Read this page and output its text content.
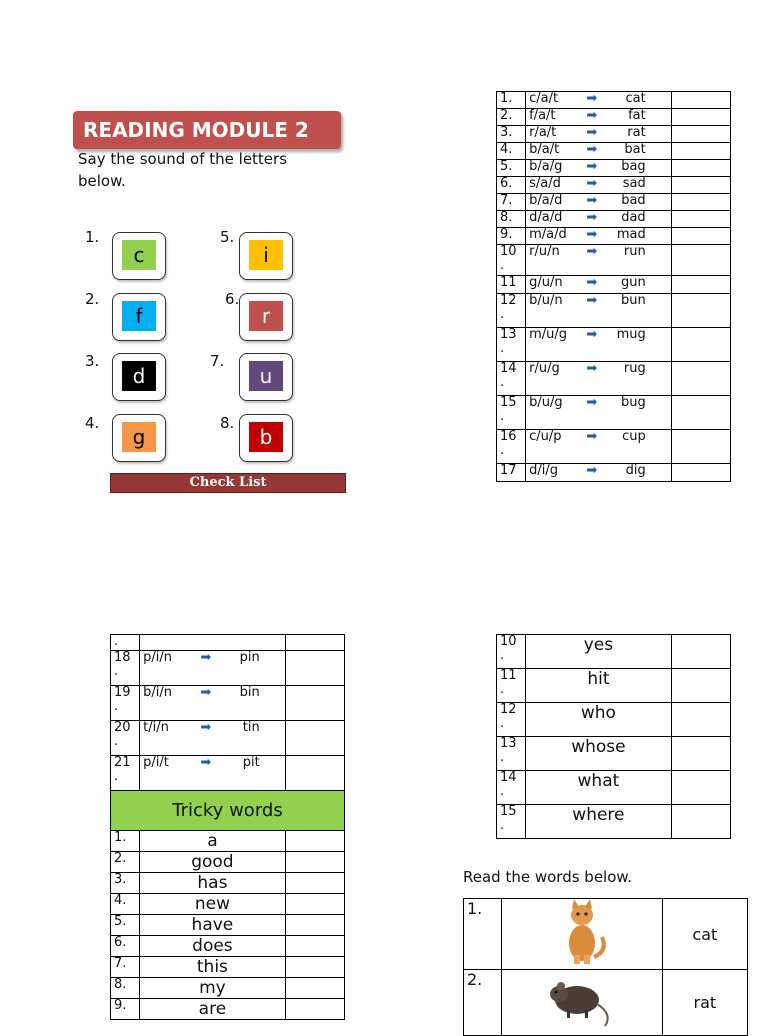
READING MODULE 2
Say the sound of the letters below.
1.
c
2.
f
3.
d
4.
g
5.
i
6.
r
7.
u
8.
b
Check List
1.	c/a/t ➡ cat	

2.	f/a/t ➡ fat	

3.	r/a/t ➡ rat	

4.	b/a/t ➡ bat	

5.	b/a/g ➡ bag	

6.	s/a/d ➡ sad	

7.	b/a/d ➡ bad	

8.	d/a/d ➡ dad	

9.	m/a/d ➡ mad	

10
.	r/u/n ➡ run	

11	g/u/n ➡ gun	

12
.	b/u/n ➡ bun	

13
.	m/u/g ➡ mug	

14
.	r/u/g ➡ rug	

15
.	b/u/g ➡ bug	

16
.	c/u/p ➡ cup	

17	d/i/g ➡ dig	

.		
18
.	p/i/n ➡ pin	

19
.	b/i/n ➡ bin	

20
.	t/i/n ➡ tin	

21
.	p/i/t ➡ pit	

Tricky words		
1.	a	
2.	good	
3.	has	
4.	new	
5.	have	
6.	does	
7.	this	
8.	my	
9.	are	
10
.	yes	
11
.	hit	
12
.	who	
13
.	whose	
14
.	what	
15
.	where	
Read the words below.
1.		cat
2.		rat
